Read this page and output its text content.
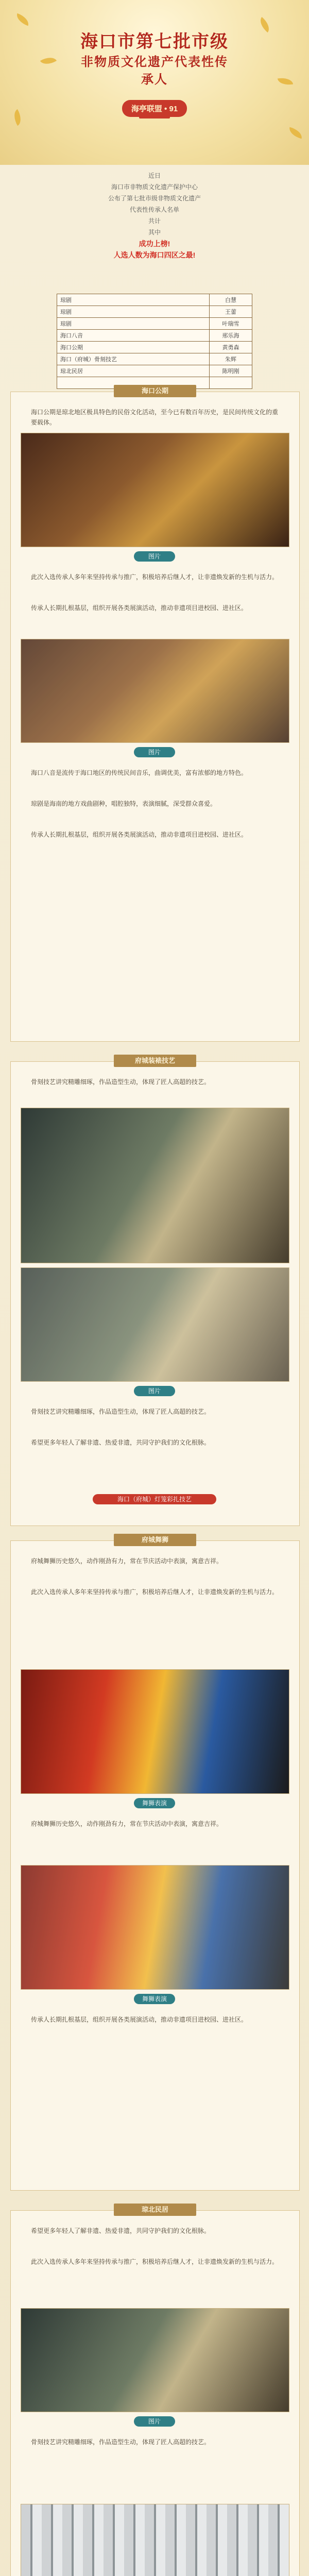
海口市第七批市级
非物质文化遗产代表性传承人
海亭联盟 • 91
近日
海口市非物质文化遗产保护中心
公布了第七批市级非物质文化遗产
代表性传承人名单
共计
其中
成功上榜!
人选人数为海口四区之最!
琼剧	白慧
琼剧	王蕾
琼剧	叶瑞雪
海口八音	邢乐海
海口公期	黄勇森
海口（府城）骨刻技艺	朱辉
琼北民居	陈明刚

海口公期
海口公期是琼北地区极具特色的民俗文化活动，至今已有数百年历史，是民间传统文化的重要载体。
图片
此次入选传承人多年来坚持传承与推广，积极培养后继人才，让非遗焕发新的生机与活力。
传承人长期扎根基层，组织开展各类展演活动，推动非遗项目进校园、进社区。
图片
海口八音是流传于海口地区的传统民间音乐，曲调优美，富有浓郁的地方特色。
琼剧是海南的地方戏曲剧种，唱腔独特，表演细腻，深受群众喜爱。
传承人长期扎根基层，组织开展各类展演活动，推动非遗项目进校园、进社区。
府城装裱技艺
骨刻技艺讲究精雕细琢，作品造型生动，体现了匠人高超的技艺。
图片
骨刻技艺讲究精雕细琢，作品造型生动，体现了匠人高超的技艺。
希望更多年轻人了解非遗、热爱非遗，共同守护我们的文化根脉。
海口（府城）灯笼彩扎技艺
府城舞狮
府城舞狮历史悠久，动作刚劲有力，常在节庆活动中表演，寓意吉祥。
此次入选传承人多年来坚持传承与推广，积极培养后继人才，让非遗焕发新的生机与活力。
舞狮表演
府城舞狮历史悠久，动作刚劲有力，常在节庆活动中表演，寓意吉祥。
舞狮表演
传承人长期扎根基层，组织开展各类展演活动，推动非遗项目进校园、进社区。
琼北民居
希望更多年轻人了解非遗、热爱非遗，共同守护我们的文化根脉。
此次入选传承人多年来坚持传承与推广，积极培养后继人才，让非遗焕发新的生机与活力。
图片
骨刻技艺讲究精雕细琢，作品造型生动，体现了匠人高超的技艺。
